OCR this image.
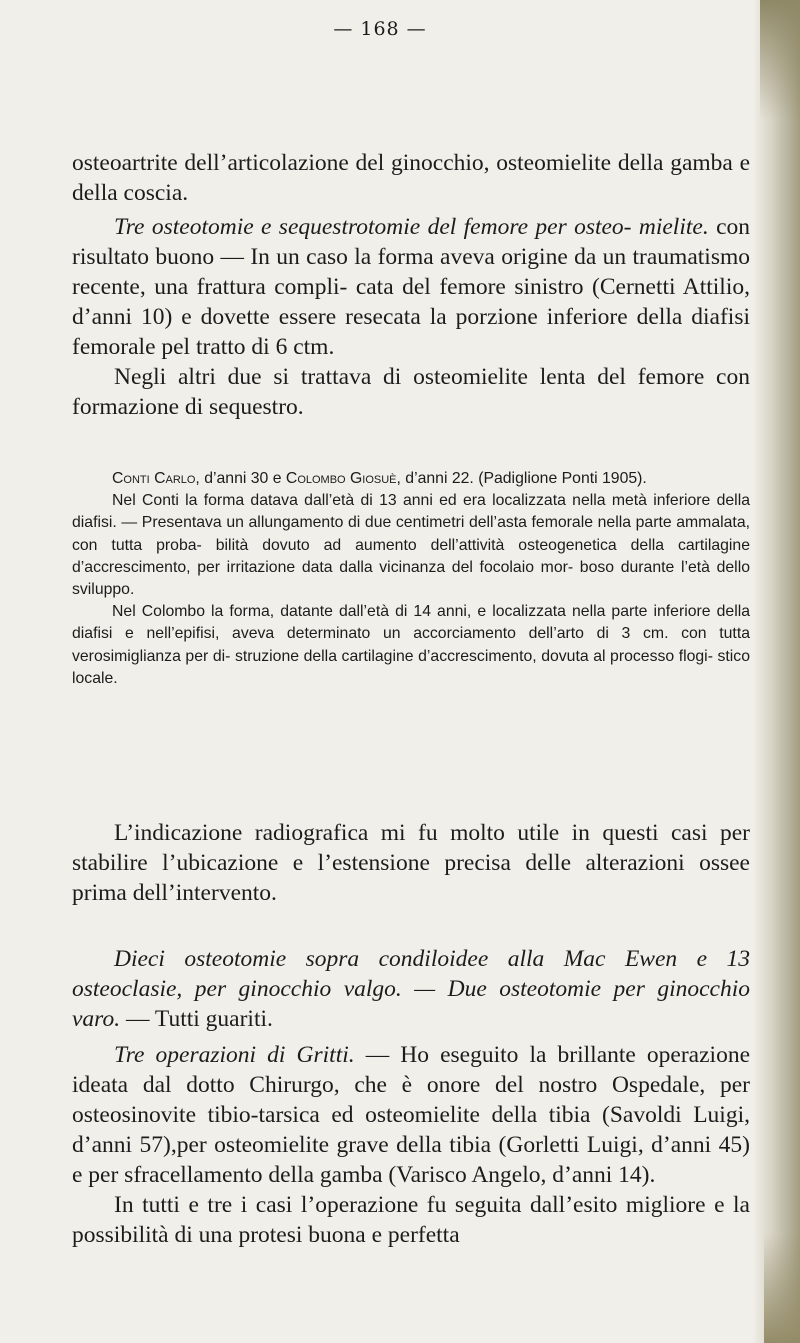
— 168 —

osteoartrite dell’articolazione del ginocchio, osteomielite della gamba e della coscia.

Tre osteotomie e sequestrotomie del femore per osteo- mielite. con risultato buono — In un caso la forma aveva origine da un traumatismo recente, una frattura compli- cata del femore sinistro (Cernetti Attilio, d’anni 10) e dovette essere resecata la porzione inferiore della diafisi femorale pel tratto di 6 ctm.

Negli altri due si trattava di osteomielite lenta del femore con formazione di sequestro.

Conti Carlo, d’anni 30 e Colombo Giosuè, d’anni 22. (Padiglione Ponti 1905).

Nel Conti la forma datava dall’età di 13 anni ed era localizzata nella metà inferiore della diafisi. — Presentava un allungamento di due centimetri dell’asta femorale nella parte ammalata, con tutta proba- bilità dovuto ad aumento dell’attività osteogenetica della cartilagine d’accrescimento, per irritazione data dalla vicinanza del focolaio mor- boso durante l’età dello sviluppo.

Nel Colombo la forma, datante dall’età di 14 anni, e localizzata nella parte inferiore della diafisi e nell’epifisi, aveva determinato un accorciamento dell’arto di 3 cm. con tutta verosimiglianza per di- struzione della cartilagine d’accrescimento, dovuta al processo flogi- stico locale.

L’indicazione radiografica mi fu molto utile in questi casi per stabilire l’ubicazione e l’estensione precisa delle alterazioni ossee prima dell’intervento.

Dieci osteotomie sopra condiloidee alla Mac Ewen e 13 osteoclasie, per ginocchio valgo. — Due osteotomie per ginocchio varo. — Tutti guariti.

Tre operazioni di Gritti. — Ho eseguito la brillante operazione ideata dal dotto Chirurgo, che è onore del nostro Ospedale, per osteosinovite tibio-tarsica ed osteomielite della tibia (Savoldi Luigi, d’anni 57),per osteomielite grave della tibia (Gorletti Luigi, d’anni 45) e per sfracellamento della gamba (Varisco Angelo, d’anni 14).

In tutti e tre i casi l’operazione fu seguita dall’esito migliore e la possibilità di una protesi buona e perfetta
